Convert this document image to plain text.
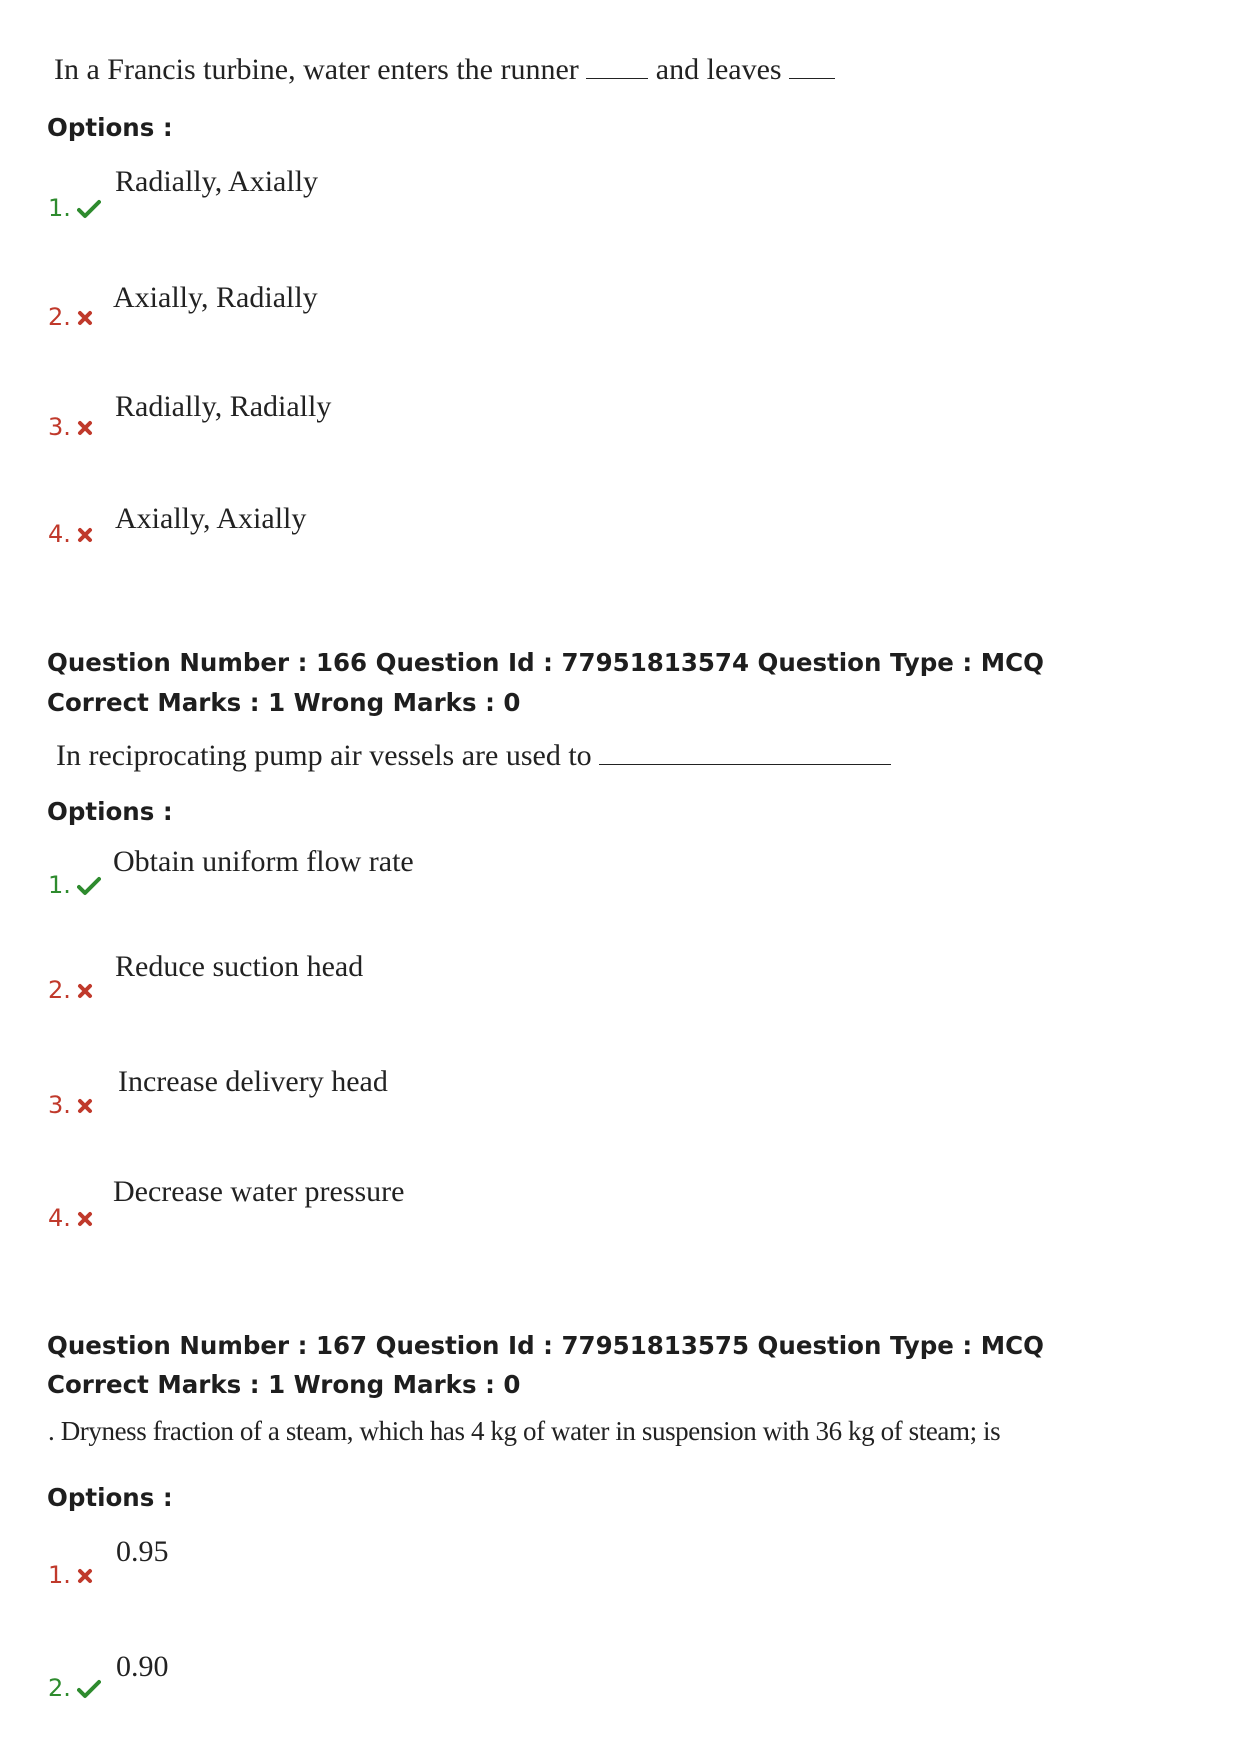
In a Francis turbine, water enters the runner	and leaves
Options :
Radially, Axially
1.
Axially, Radially
2.
Radially, Radially
3.
Axially, Axially
4.
Question Number : 166 Question Id : 77951813574 Question Type : MCQ
Correct Marks : 1 Wrong Marks : 0
In reciprocating pump air vessels are used to
Options :
Obtain uniform flow rate
1.
Reduce suction head
2.
Increase delivery head
3.
Decrease water pressure
4.
Question Number : 167 Question Id : 77951813575 Question Type : MCQ
Correct Marks : 1 Wrong Marks : 0
. Dryness fraction of a steam, which has 4 kg of water in suspension with 36 kg of steam; is
Options :
0.95
1.
0.90
2.
